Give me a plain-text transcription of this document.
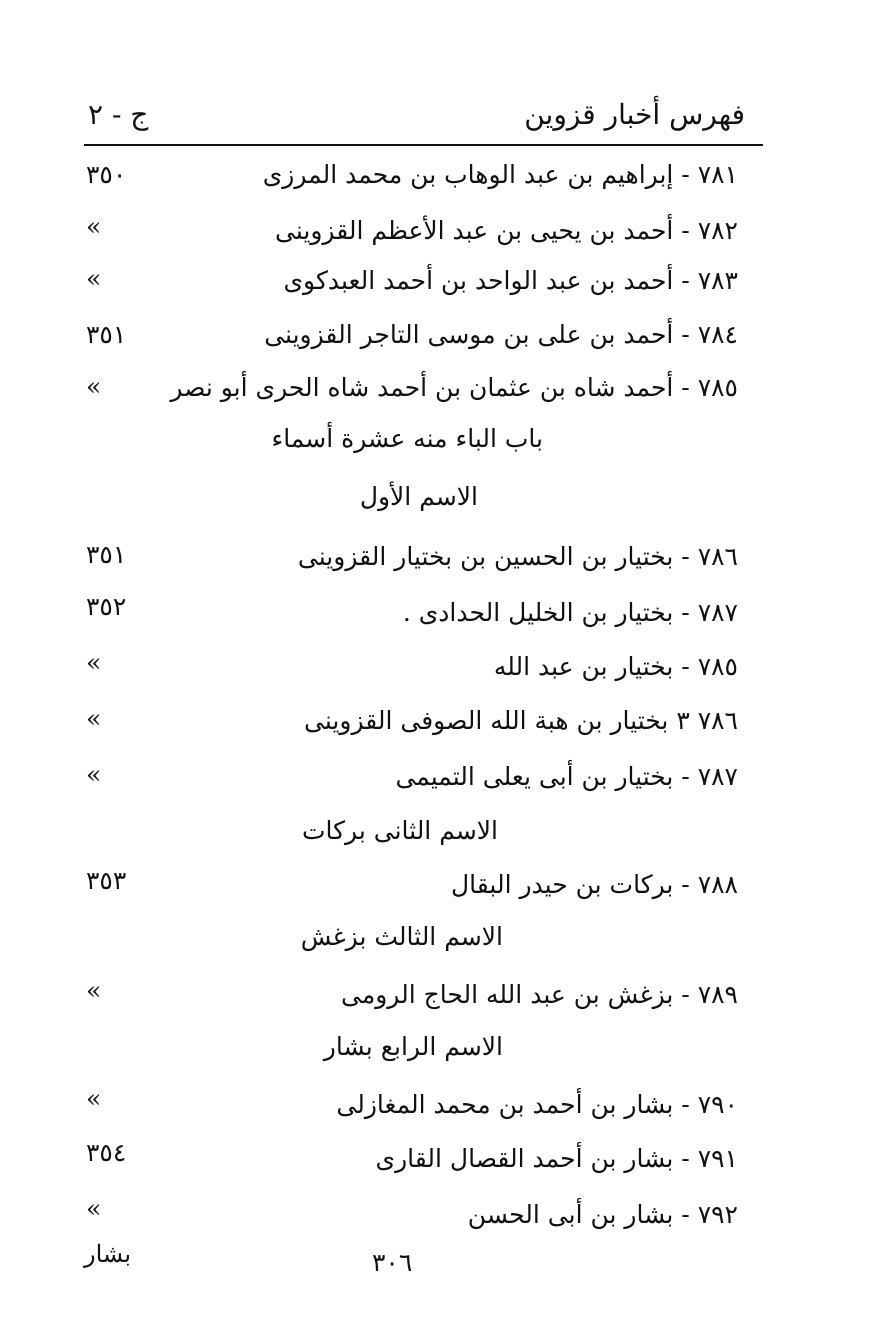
فهرس أخبار قزوين
ج - ٢
٧٨١ - إبراهيم بن عبد الوهاب بن محمد المرزى
٣٥٠
٧٨٢ - أحمد بن يحيى بن عبد الأعظم القزوينى
»
٧٨٣ - أحمد بن عبد الواحد بن أحمد العبدكوى
»
٧٨٤ - أحمد بن على بن موسى التاجر القزوينى
٣٥١
٧٨٥ - أحمد شاه بن عثمان بن أحمد شاه الحرى أبو نصر
»
باب الباء منه عشرة أسماء
الاسم الأول
٧٨٦ - بختيار بن الحسين بن بختيار القزوينى
٣٥١
٧٨٧ - بختيار بن الخليل الحدادى .
٣٥٢
٧٨٥ - بختيار بن عبد الله
»
٧٨٦ ٣ بختيار بن هبة الله الصوفى القزوينى
»
٧٨٧ - بختيار بن أبى يعلى التميمى
»
الاسم الثانى بركات
٧٨٨ - بركات بن حيدر البقال
٣٥٣
الاسم الثالث بزغش
٧٨٩ - بزغش بن عبد الله الحاج الرومى
»
الاسم الرابع بشار
٧٩٠ - بشار بن أحمد بن محمد المغازلى
»
٧٩١ - بشار بن أحمد القصال القارى
٣٥٤
٧٩٢ - بشار بن أبى الحسن
»
٣٠٦
بشار
